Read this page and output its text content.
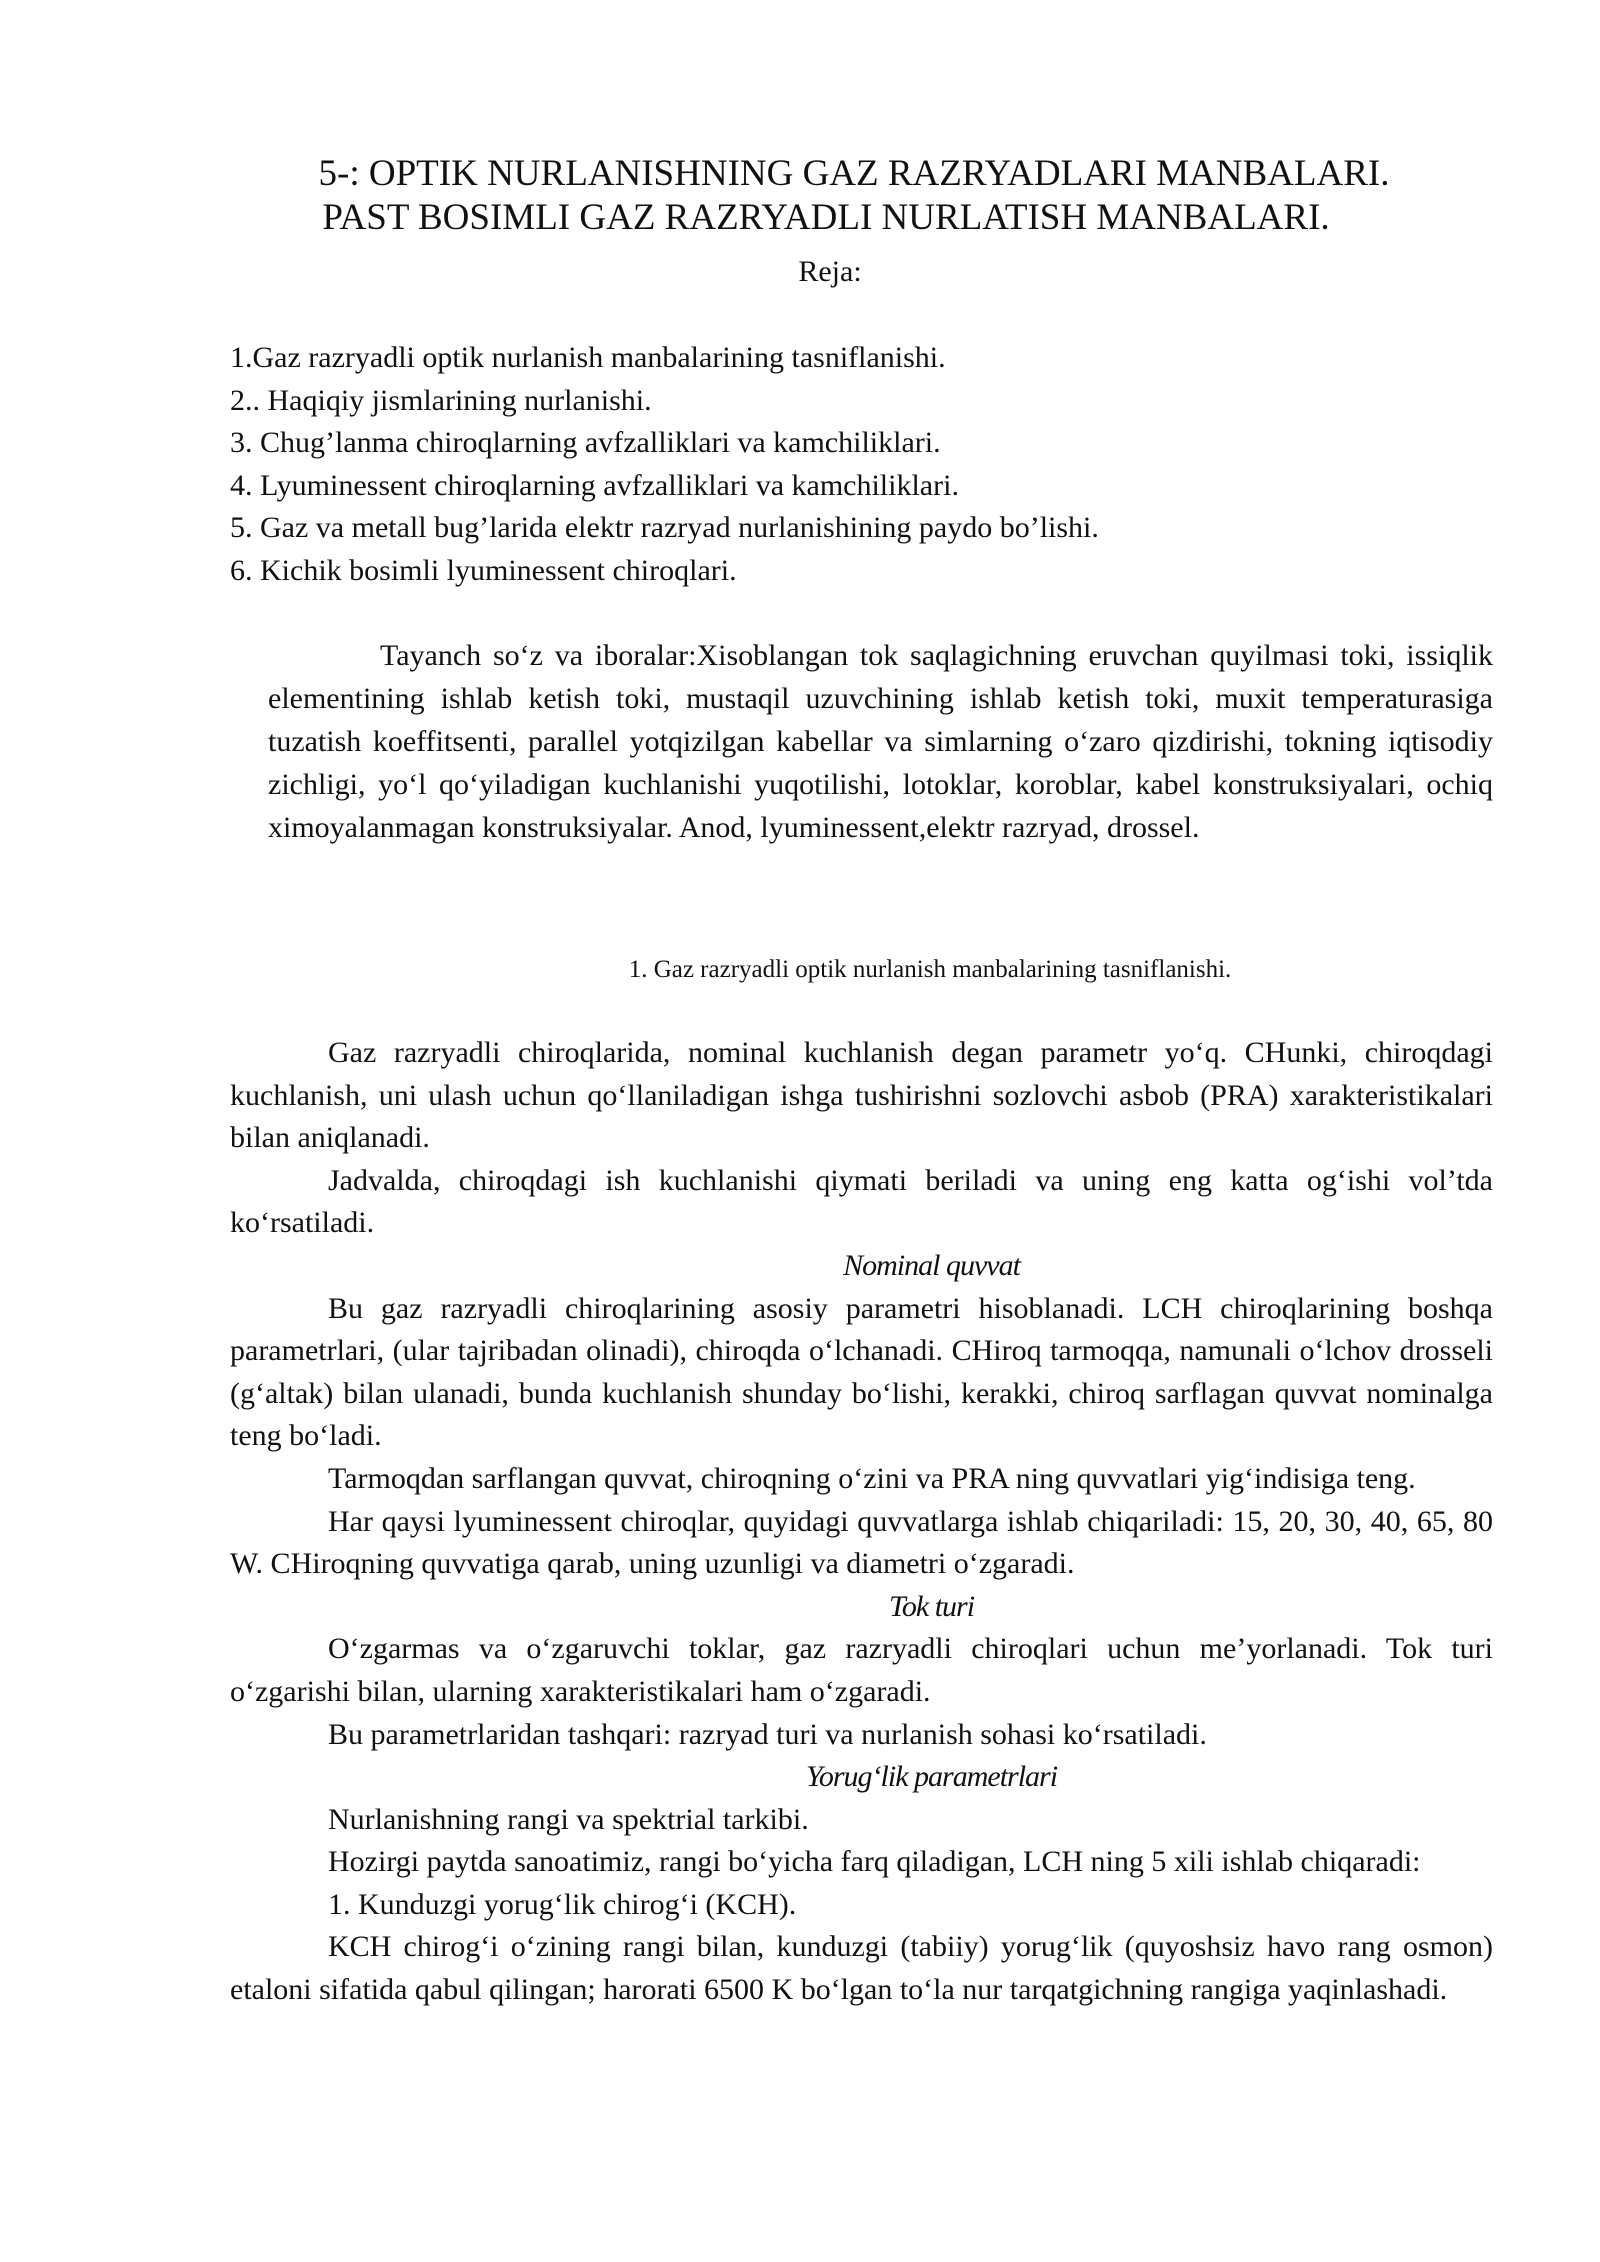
5-: OPTIK NURLANISHNING GAZ RAZRYADLARI MANBALARI.
PAST BOSIMLI GAZ RAZRYADLI NURLATISH MANBALARI.
Reja:
1.Gaz razryadli optik nurlanish manbalarining tasniflanishi.
2.. Haqiqiy jismlarining nurlanishi.
3. Chug’lanma chiroqlarning avfzalliklari va kamchiliklari.
4. Lyuminessent chiroqlarning avfzalliklari va kamchiliklari.
5. Gaz va metall bug’larida elektr razryad nurlanishining paydo bo’lishi.
6. Kichik bosimli lyuminessent chiroqlari.

Tayanch so‘z va iboralar:Xisoblangan tok saqlagichning eruvchan quyilmasi toki, issiqlik elementining ishlab ketish toki, mustaqil uzuvchining ishlab ketish toki, muxit temperaturasiga tuzatish koeffitsenti, parallel yotqizilgan kabellar va simlarning o‘zaro qizdirishi, tokning iqtisodiy zichligi, yo‘l qo‘yiladigan kuchlanishi yuqotilishi, lotoklar, koroblar, kabel konstruksiyalari, ochiq ximoyalanmagan konstruksiyalar. Anod, lyuminessent,elektr razryad, drossel.

1. Gaz razryadli optik nurlanish manbalarining tasniflanishi.

Gaz razryadli chiroqlarida, nominal kuchlanish degan parametr yo‘q. CHunki, chiroqdagi kuchlanish, uni ulash uchun qo‘llaniladigan ishga tushirishni sozlovchi asbob (PRA) xarakteristikalari bilan aniqlanadi.

Jadvalda, chiroqdagi ish kuchlanishi qiymati beriladi va uning eng katta og‘ishi vol’tda ko‘rsatiladi.

Nominal quvvat

Bu gaz razryadli chiroqlarining asosiy parametri hisoblanadi. LCH chiroqlarining boshqa parametrlari, (ular tajribadan olinadi), chiroqda o‘lchanadi. CHiroq tarmoqqa, namunali o‘lchov drosseli (g‘altak) bilan ulanadi, bunda kuchlanish shunday bo‘lishi, kerakki, chiroq sarflagan quvvat nominalga teng bo‘ladi.

Tarmoqdan sarflangan quvvat, chiroqning o‘zini va PRA ning quvvatlari yig‘indisiga teng.

Har qaysi lyuminessent chiroqlar, quyidagi quvvatlarga ishlab chiqariladi: 15, 20, 30, 40, 65, 80 W. CHiroqning quvvatiga qarab, uning uzunligi va diametri o‘zgaradi.

Tok turi

O‘zgarmas va o‘zgaruvchi toklar, gaz razryadli chiroqlari uchun me’yorlanadi. Tok turi o‘zgarishi bilan, ularning xarakteristikalari ham o‘zgaradi.

Bu parametrlaridan tashqari: razryad turi va nurlanish sohasi ko‘rsatiladi.

Yorug‘lik parametrlari

Nurlanishning rangi va spektrial tarkibi.

Hozirgi paytda sanoatimiz, rangi bo‘yicha farq qiladigan, LCH ning 5 xili ishlab chiqaradi:

1. Kunduzgi yorug‘lik chirog‘i (KCH).

KCH chirog‘i o‘zining rangi bilan, kunduzgi (tabiiy) yorug‘lik (quyoshsiz havo rang osmon) etaloni sifatida qabul qilingan; harorati 6500 K bo‘lgan to‘la nur tarqatgichning rangiga yaqinlashadi.
